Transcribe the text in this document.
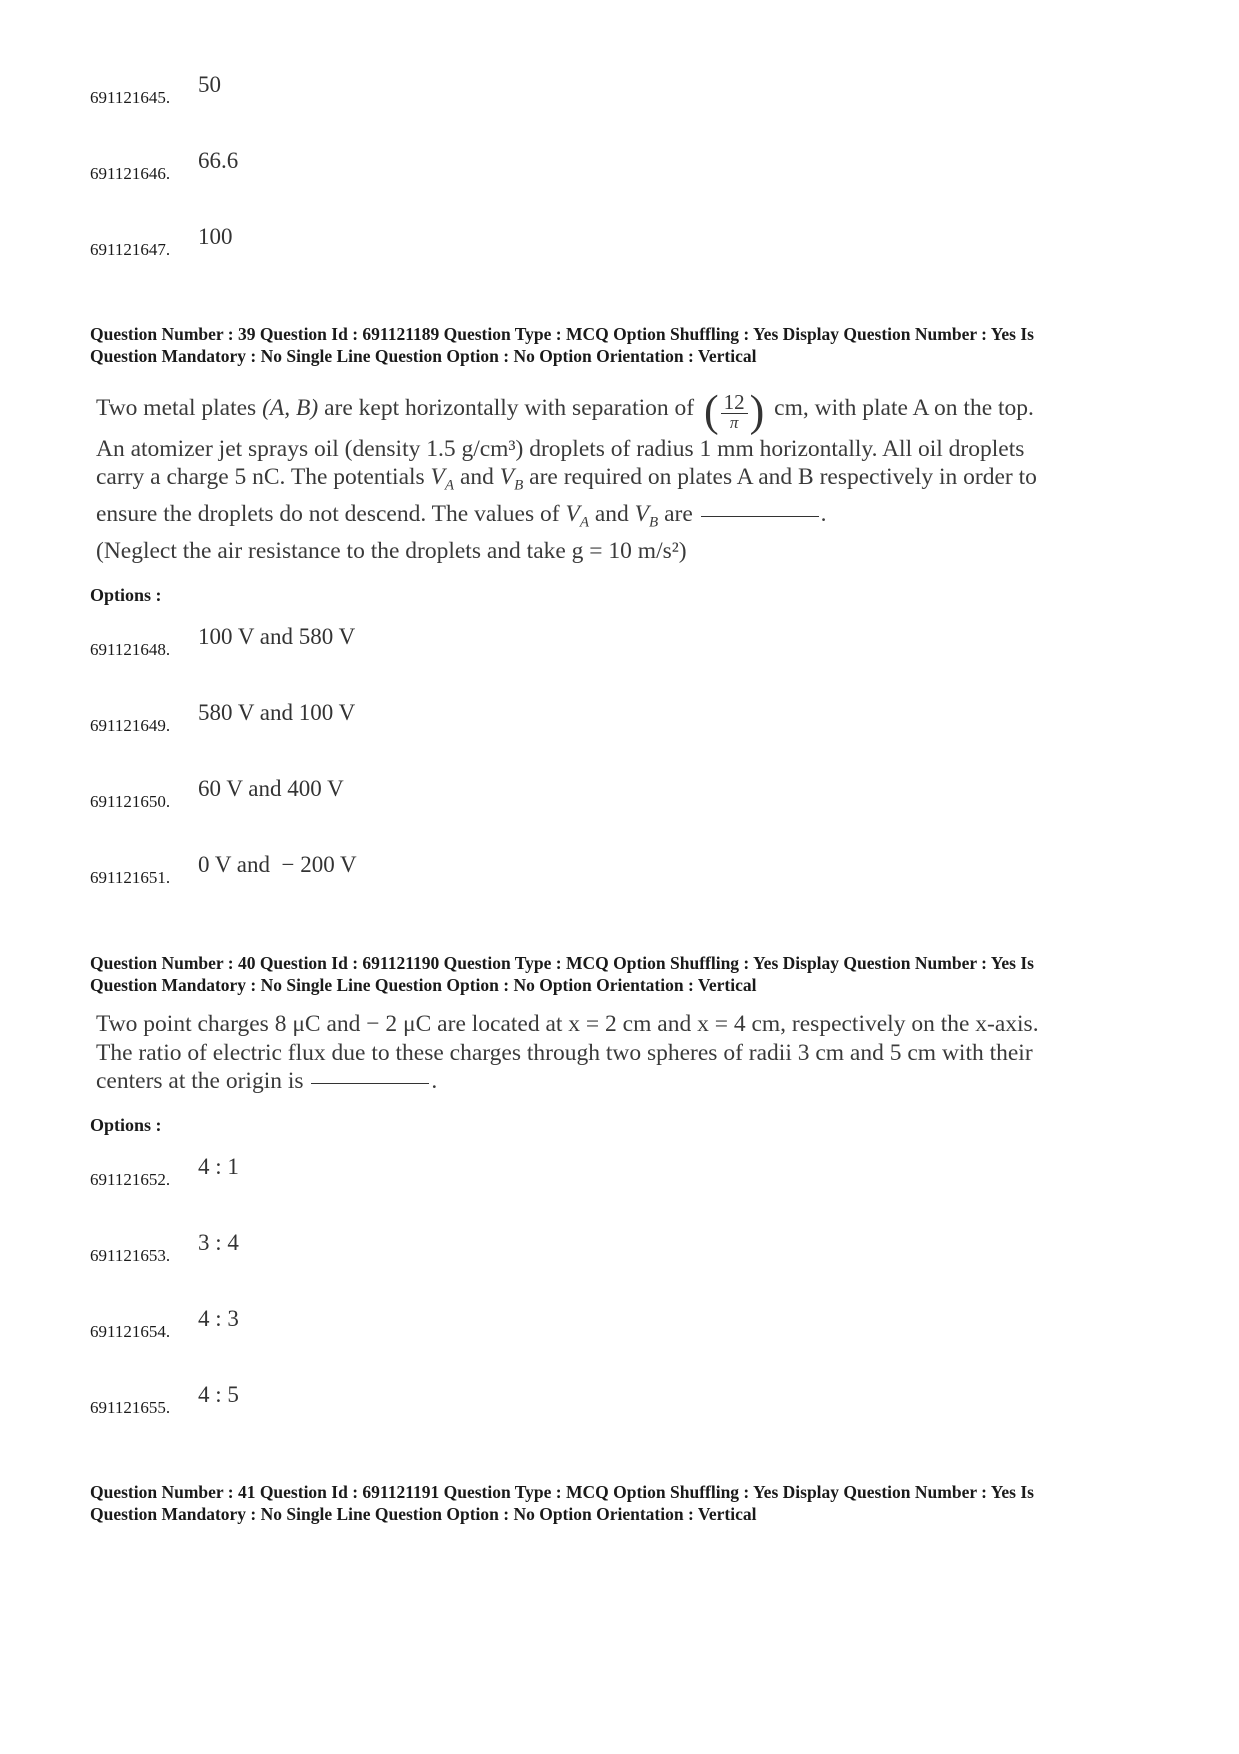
691121645.
50
691121646.
66.6
691121647.
100
Question Number : 39 Question Id : 691121189 Question Type : MCQ Option Shuffling : Yes Display Question Number : Yes Is
Question Mandatory : No Single Line Question Option : No Option Orientation : Vertical
Two metal plates (A, B) are kept horizontally with separation of ( $\frac{12}{\pi}$ ) cm, with plate A on the top.
An atomizer jet sprays oil (density 1.5 g/cm³) droplets of radius 1 mm horizontally. All oil droplets
carry a charge 5 nC. The potentials $V_A$ and $V_B$ are required on plates A and B respectively in order to
ensure the droplets do not descend. The values of $V_A$ and $V_B$ are	.
(Neglect the air resistance to the droplets and take g = 10 m/s²)
Options :
691121648.
100 V and 580 V
691121649.
580 V and 100 V
691121650.
60 V and 400 V
691121651.
0 V and  − 200 V
Question Number : 40 Question Id : 691121190 Question Type : MCQ Option Shuffling : Yes Display Question Number : Yes Is
Question Mandatory : No Single Line Question Option : No Option Orientation : Vertical
Two point charges 8 μC and − 2 μC are located at x = 2 cm and x = 4 cm, respectively on the x-axis.
The ratio of electric flux due to these charges through two spheres of radii 3 cm and 5 cm with their
centers at the origin is	.
Options :
691121652.
4 : 1
691121653.
3 : 4
691121654.
4 : 3
691121655.
4 : 5
Question Number : 41 Question Id : 691121191 Question Type : MCQ Option Shuffling : Yes Display Question Number : Yes Is
Question Mandatory : No Single Line Question Option : No Option Orientation : Vertical
